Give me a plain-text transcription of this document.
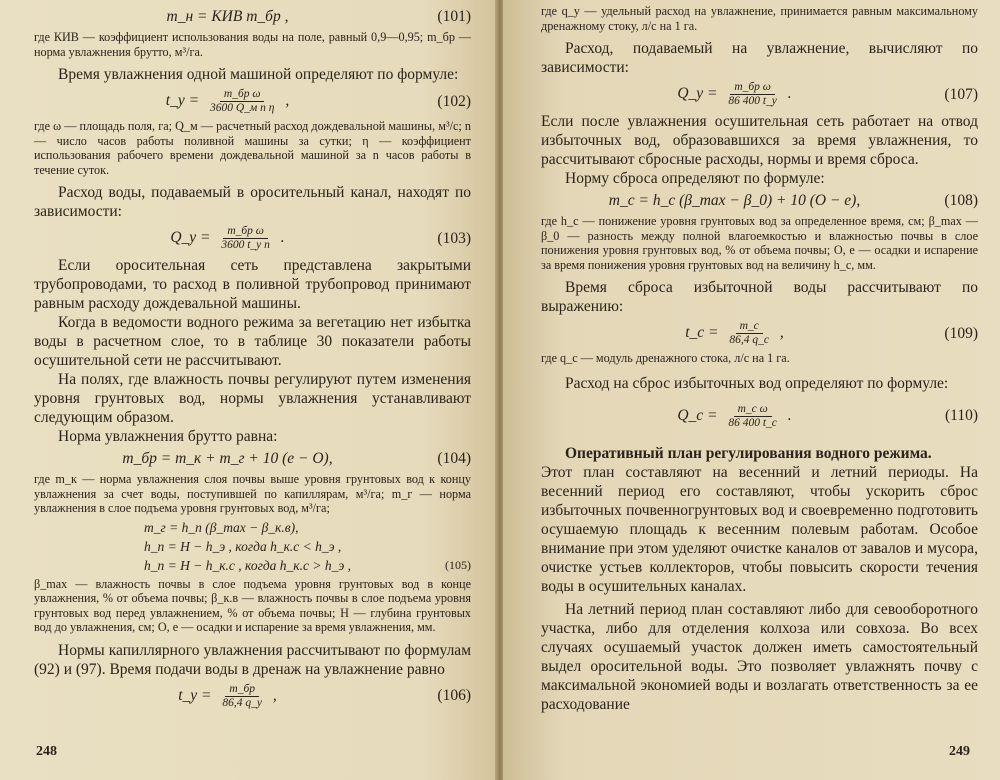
m_н = КИВ m_бр ,	(101)

где КИВ — коэффициент использования воды на поле, равный 0,9—0,95; m_бр — норма увлажнения брутто, м³/га.

Время увлажнения одной машиной определяют по формуле:

t_у = $\frac{\text{m\_бр ω}}{\text{3600 Q\_м n η}}$ ,	(102)

где ω — площадь поля, га; Q_м — расчетный расход дождевальной машины, м³/с; n — число часов работы поливной машины за сутки; η — коэффициент использования рабочего времени дождевальной машиной за n часов работы в течение суток.

Расход воды, подаваемый в оросительный канал, находят по зависимости:

Q_у = $\frac{\text{m\_бр ω}}{\text{3600 t\_у n}}$ .	(103)

Если оросительная сеть представлена закрытыми трубопроводами, то расход в поливной трубопровод принимают равным расходу дождевальной машины.

Когда в ведомости водного режима за вегетацию нет избытка воды в расчетном слое, то в таблице 30 показатели работы осушительной сети не рассчитывают.

На полях, где влажность почвы регулируют путем изменения уровня грунтовых вод, нормы увлажнения устанавливают следующим образом.

Норма увлажнения брутто равна:

m_бр = m_к + m_г + 10 (e − O),	(104)

где m_к — норма увлажнения слоя почвы выше уровня грунтовых вод к концу увлажнения за счет воды, поступившей по капиллярам, м³/га; m_г — норма увлажнения в слое подъема уровня грунтовых вод, м³/га;

m_г = h_п (β_max − β_к.в),
h_п = H − h_э , когда h_к.с < h_э ,
h_п = H − h_к.с , когда h_к.с > h_э ,	(105)

β_max — влажность почвы в слое подъема уровня грунтовых вод в конце увлажнения, % от объема почвы; β_к.в — влажность почвы в слое подъема уровня грунтовых вод перед увлажнением, % от объема почвы; H — глубина грунтовых вод до увлажнения, см; O, e — осадки и испарение за время увлажнения, мм.

Нормы капиллярного увлажнения рассчитывают по формулам (92) и (97). Время подачи воды в дренаж на увлажнение равно

t_у = $\frac{m\_бр}{86,4 q\_у}$ ,	(106)
248

где q_у — удельный расход на увлажнение, принимается равным максимальному дренажному стоку, л/с на 1 га.

Расход, подаваемый на увлажнение, вычисляют по зависимости:

Q_у = $\frac{\text{m\_бр ω}}{86 400 t\_у}$ .	(107)

Если после увлажнения осушительная сеть работает на отвод избыточных вод, образовавшихся за время увлажнения, то рассчитывают сбросные расходы, нормы и время сброса.

Норму сброса определяют по формуле:

m_с = h_с (β_max − β_0) + 10 (O − e),	(108)

где h_с — понижение уровня грунтовых вод за определенное время, см; β_max — β_0 — разность между полной влагоемкостью и влажностью почвы в слое понижения уровня грунтовых вод, % от объема почвы; O, e — осадки и испарение за время понижения уровня грунтовых вод на величину h_с, мм.

Время сброса избыточной воды рассчитывают по выражению:

t_с = $\frac{m\_с}{86,4 q\_с}$ ,	(109)

где q_с — модуль дренажного стока, л/с на 1 га.

Расход на сброс избыточных вод определяют по формуле:

Q_с = $\frac{\text{m\_с ω}}{86 400 t\_с}$ .	(110)

Оперативный план регулирования водного режима.

Этот план составляют на весенний и летний периоды. На весенний период его составляют, чтобы ускорить сброс избыточных почвенногрунтовых вод и своевременно подготовить осушаемую площадь к весенним полевым работам. Особое внимание при этом уделяют очистке каналов от завалов и мусора, очистке устьев коллекторов, чтобы повысить скорости течения воды в осушительных каналах.

На летний период план составляют либо для севооборотного участка, либо для отделения колхоза или совхоза. Во всех случаях осушаемый участок должен иметь самостоятельный выдел оросительной воды. Это позволяет увлажнять почву с максимальной экономией воды и возлагать ответственность за ее расходование

249
